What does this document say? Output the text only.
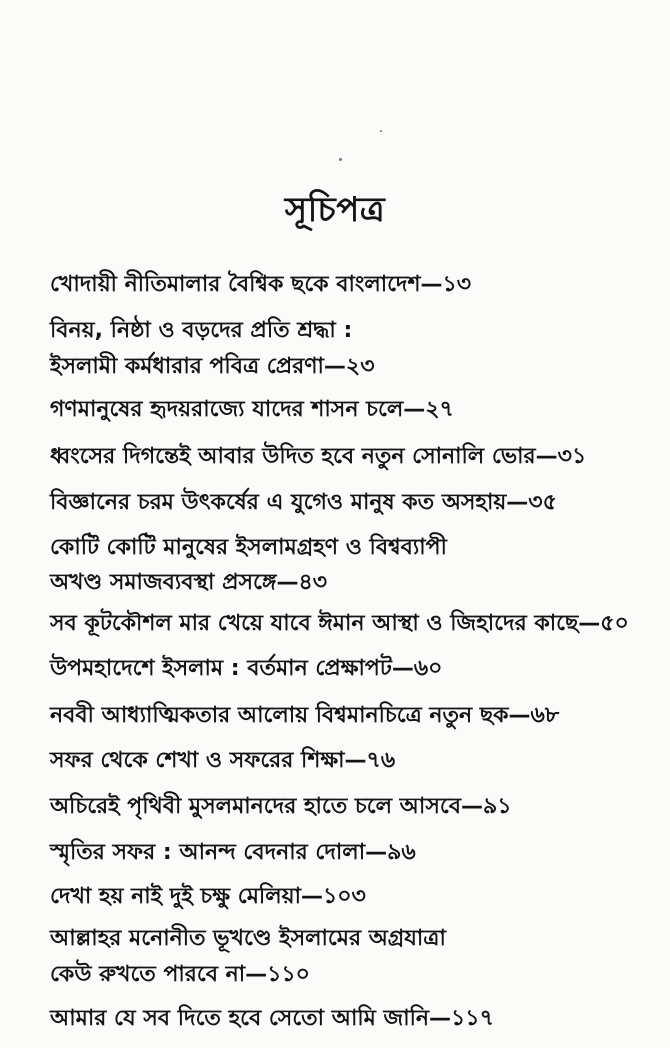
সূচিপত্র
খোদায়ী নীতিমালার বৈশ্বিক ছকে বাংলাদেশ—১৩
বিনয়, নিষ্ঠা ও বড়দের প্রতি শ্রদ্ধা :
ইসলামী কর্মধারার পবিত্র প্রেরণা—২৩
গণমানুষের হৃদয়রাজ্যে যাদের শাসন চলে—২৭
ধ্বংসের দিগন্তেই আবার উদিত হবে নতুন সোনালি ভোর—৩১
বিজ্ঞানের চরম উৎকর্ষের এ যুগেও মানুষ কত অসহায়—৩৫
কোটি কোটি মানুষের ইসলামগ্রহণ ও বিশ্বব্যাপী
অখণ্ড সমাজব্যবস্থা প্রসঙ্গে—৪৩
সব কূটকৌশল মার খেয়ে যাবে ঈমান আস্থা ও জিহাদের কাছে—৫০
উপমহাদেশে ইসলাম : বর্তমান প্রেক্ষাপট—৬০
নববী আধ্যাত্মিকতার আলোয় বিশ্বমানচিত্রে নতুন ছক—৬৮
সফর থেকে শেখা ও সফরের শিক্ষা—৭৬
অচিরেই পৃথিবী মুসলমানদের হাতে চলে আসবে—৯১
স্মৃতির সফর : আনন্দ বেদনার দোলা—৯৬
দেখা হয় নাই দুই চক্ষু মেলিয়া—১০৩
আল্লাহর মনোনীত ভূখণ্ডে ইসলামের অগ্রযাত্রা
কেউ রুখতে পারবে না—১১০
আমার যে সব দিতে হবে সেতো আমি জানি—১১৭
